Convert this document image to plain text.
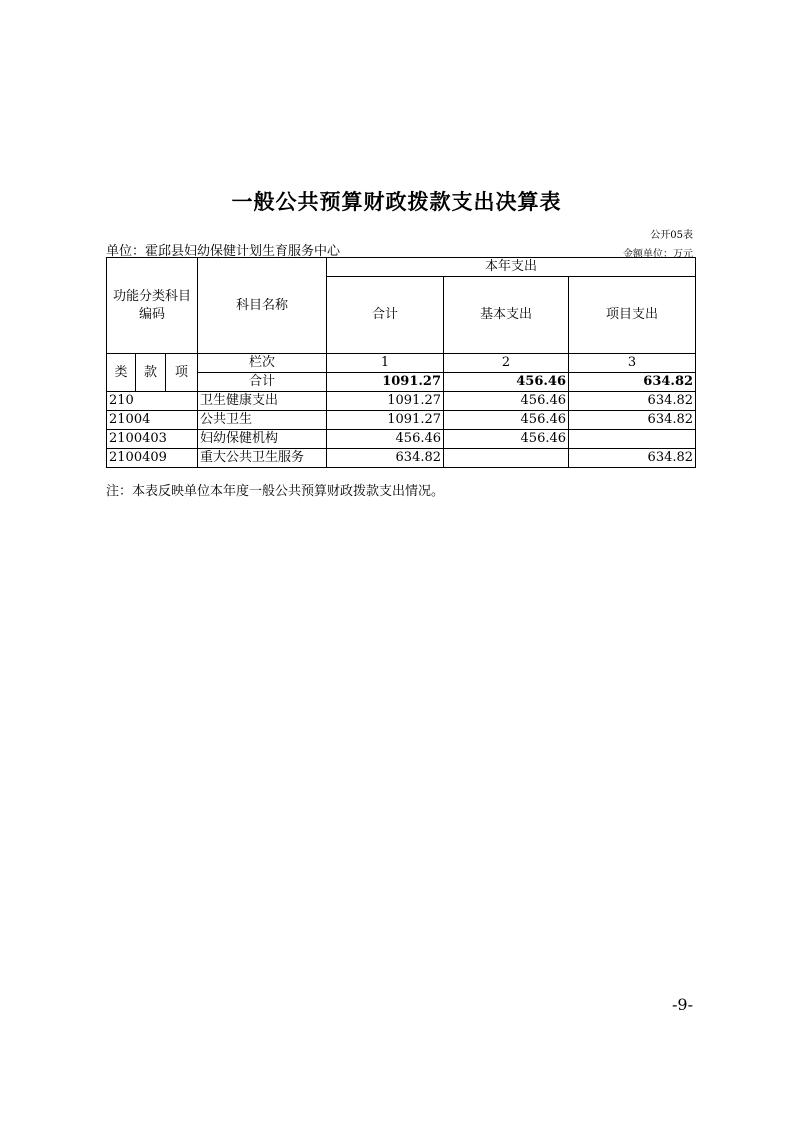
一般公共预算财政拨款支出决算表
公开05表
单位：霍邱县妇幼保健计划生育服务中心	金额单位：万元
功能分类科目编码			科目名称	本年支出		
				合计	基本支出	项目支出
类	款	项	栏次	1	2	3
			合计	1091.27	456.46	634.82
210			卫生健康支出	1091.27	456.46	634.82
21004			公共卫生	1091.27	456.46	634.82
2100403			妇幼保健机构	456.46	456.46	
2100409			重大公共卫生服务	634.82		634.82
注：本表反映单位本年度一般公共预算财政拨款支出情况。
-9-
